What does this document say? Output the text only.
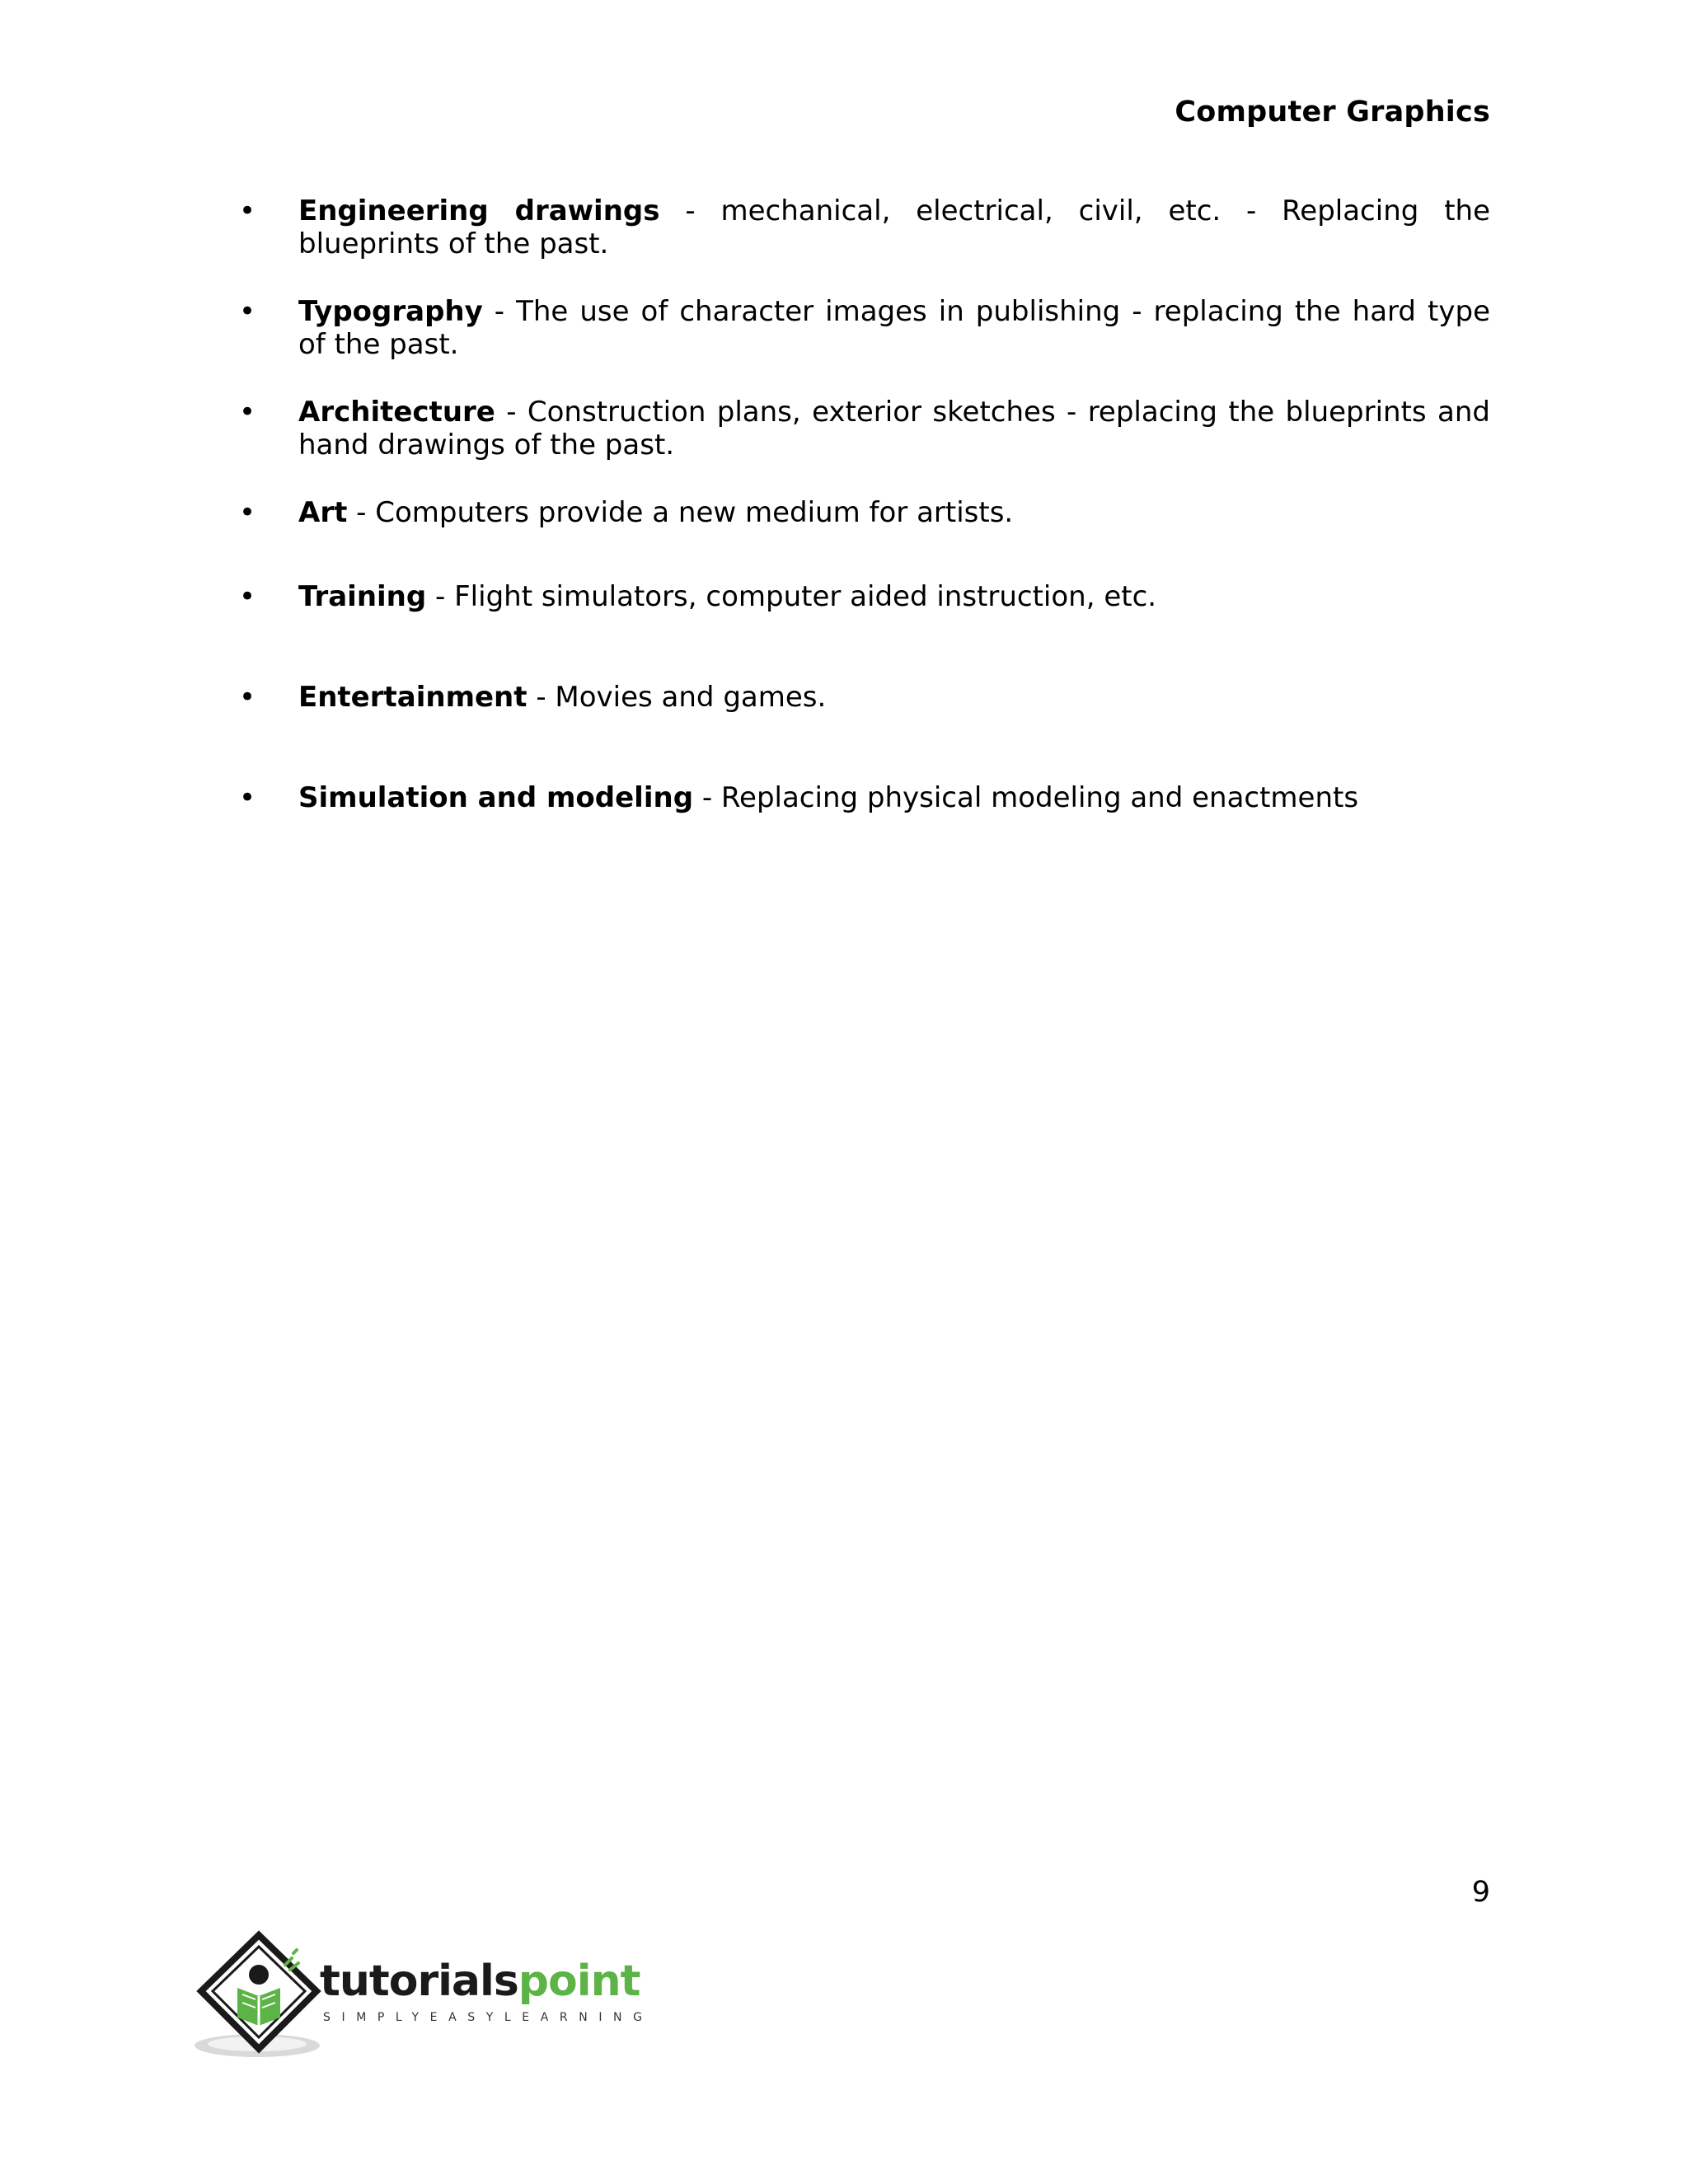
Computer Graphics
•	Engineering drawings - mechanical, electrical, civil, etc. - Replacing the blueprints of the past.
•	Typography - The use of character images in publishing - replacing the hard type of the past.
•	Architecture - Construction plans, exterior sketches - replacing the blueprints and hand drawings of the past.
•	Art - Computers provide a new medium for artists.
•	Training - Flight simulators, computer aided instruction, etc.
•	Entertainment - Movies and games.
•	Simulation and modeling - Replacing physical modeling and enactments

9

tutorialspoint
SIMPLYEASYLEARNING
